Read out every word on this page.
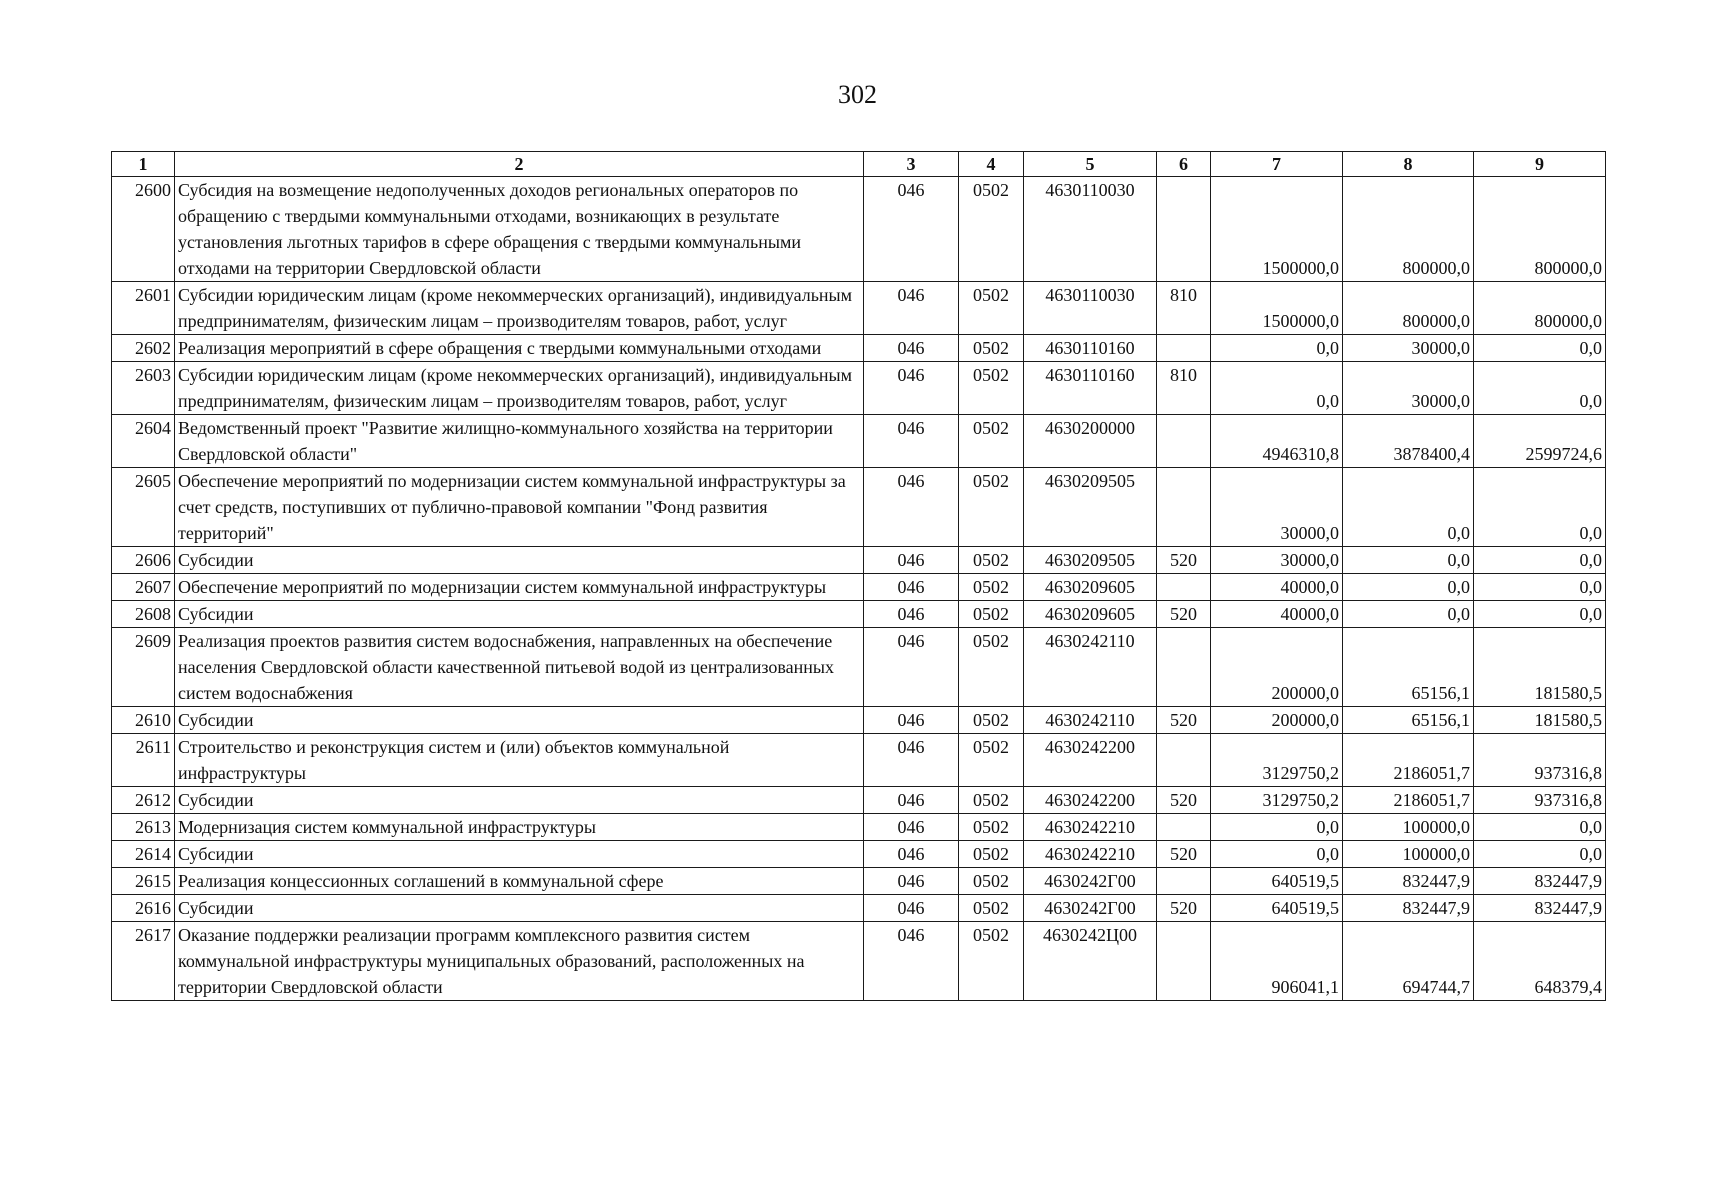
302
1	2	3	4	5	6	7	8	9
2600	Субсидия на возмещение недополученных доходов региональных операторов по обращению с твердыми коммунальными отходами, возникающих в результате установления льготных тарифов в сфере обращения с твердыми коммунальными отходами на территории Свердловской области	046	0502	4630110030		1500000,0	800000,0	800000,0
2601	Субсидии юридическим лицам (кроме некоммерческих организаций), индивидуальным предпринимателям, физическим лицам – производителям товаров, работ, услуг	046	0502	4630110030	810	1500000,0	800000,0	800000,0
2602	Реализация мероприятий в сфере обращения с твердыми коммунальными отходами	046	0502	4630110160		0,0	30000,0	0,0
2603	Субсидии юридическим лицам (кроме некоммерческих организаций), индивидуальным предпринимателям, физическим лицам – производителям товаров, работ, услуг	046	0502	4630110160	810	0,0	30000,0	0,0
2604	Ведомственный проект "Развитие жилищно-коммунального хозяйства на территории Свердловской области"	046	0502	4630200000		4946310,8	3878400,4	2599724,6
2605	Обеспечение мероприятий по модернизации систем коммунальной инфраструктуры за счет средств, поступивших от публично-правовой компании "Фонд развития территорий"	046	0502	4630209505		30000,0	0,0	0,0
2606	Субсидии	046	0502	4630209505	520	30000,0	0,0	0,0
2607	Обеспечение мероприятий по модернизации систем коммунальной инфраструктуры	046	0502	4630209605		40000,0	0,0	0,0
2608	Субсидии	046	0502	4630209605	520	40000,0	0,0	0,0
2609	Реализация проектов развития систем водоснабжения, направленных на обеспечение населения Свердловской области качественной питьевой водой из централизованных систем водоснабжения	046	0502	4630242110		200000,0	65156,1	181580,5
2610	Субсидии	046	0502	4630242110	520	200000,0	65156,1	181580,5
2611	Строительство и реконструкция систем и (или) объектов коммунальной инфраструктуры	046	0502	4630242200		3129750,2	2186051,7	937316,8
2612	Субсидии	046	0502	4630242200	520	3129750,2	2186051,7	937316,8
2613	Модернизация систем коммунальной инфраструктуры	046	0502	4630242210		0,0	100000,0	0,0
2614	Субсидии	046	0502	4630242210	520	0,0	100000,0	0,0
2615	Реализация концессионных соглашений в коммунальной сфере	046	0502	4630242Г00		640519,5	832447,9	832447,9
2616	Субсидии	046	0502	4630242Г00	520	640519,5	832447,9	832447,9
2617	Оказание поддержки реализации программ комплексного развития систем коммунальной инфраструктуры муниципальных образований, расположенных на территории Свердловской области	046	0502	4630242Ц00		906041,1	694744,7	648379,4
